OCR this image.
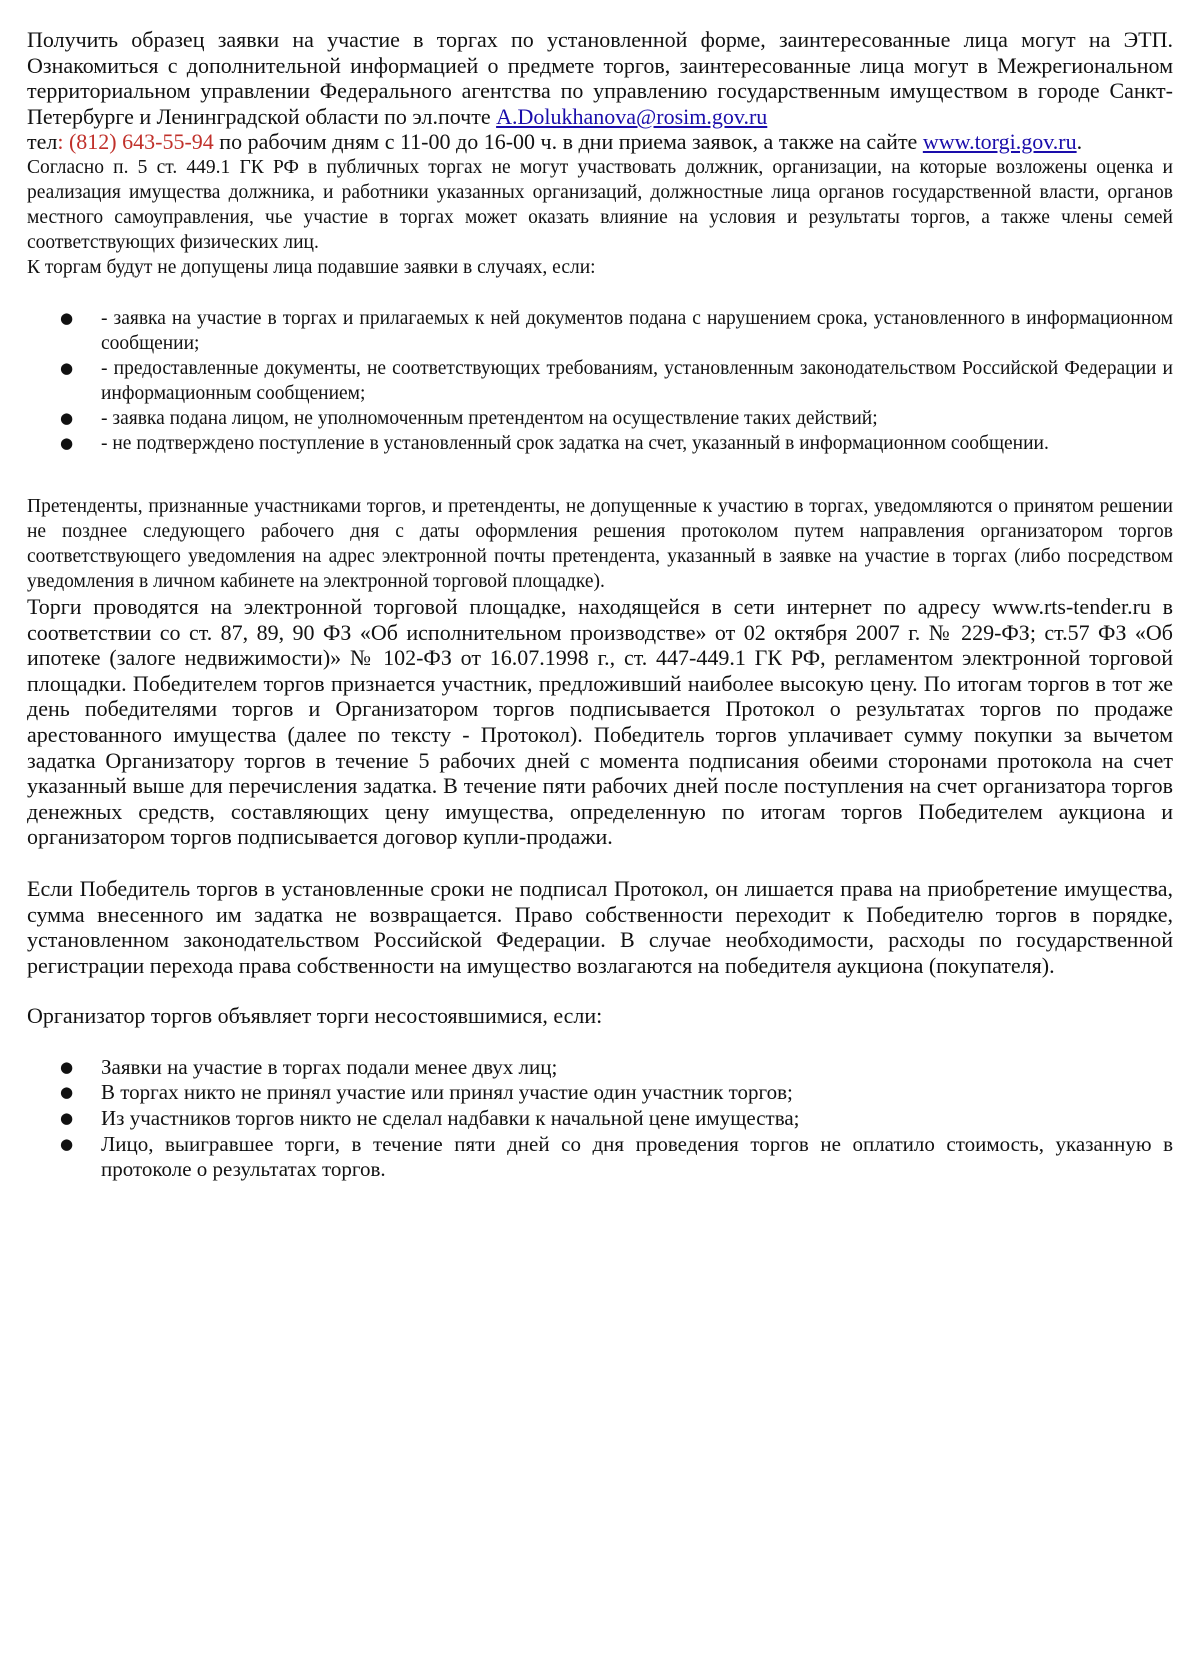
Получить образец заявки на участие в торгах по установленной форме, заинтересованные лица могут на ЭТП. Ознакомиться с дополнительной информацией о предмете торгов, заинтересованные лица могут в Межрегиональном территориальном управлении Федерального агентства по управлению государственным имуществом в городе Санкт-Петербурге и Ленинградской области по эл.почте A.Dolukhanova@rosim.gov.ru
тел: (812) 643-55-94 по рабочим дням с 11-00 до 16-00 ч. в дни приема заявок, а также на сайте www.torgi.gov.ru.

Согласно п. 5 ст. 449.1 ГК РФ в публичных торгах не могут участвовать должник, организации, на которые возложены оценка и реализация имущества должника, и работники указанных организаций, должностные лица органов государственной власти, органов местного самоуправления, чье участие в торгах может оказать влияние на условия и результаты торгов, а также члены семей соответствующих физических лиц.

К торгам будут не допущены лица подавшие заявки в случаях, если:

● - заявка на участие в торгах и прилагаемых к ней документов подана с нарушением срока, установленного в информационном сообщении;
● - предоставленные документы, не соответствующих требованиям, установленным законодательством Российской Федерации и информационным сообщением;
● - заявка подана лицом, не уполномоченным претендентом на осуществление таких действий;
● - не подтверждено поступление в установленный срок задатка на счет, указанный в информационном сообщении.

Претенденты, признанные участниками торгов, и претенденты, не допущенные к участию в торгах, уведомляются о принятом решении не позднее следующего рабочего дня с даты оформления решения протоколом путем направления организатором торгов соответствующего уведомления на адрес электронной почты претендента, указанный в заявке на участие в торгах (либо посредством уведомления в личном кабинете на электронной торговой площадке).

Торги проводятся на электронной торговой площадке, находящейся в сети интернет по адресу www.rts-tender.ru в соответствии со ст. 87, 89, 90 ФЗ «Об исполнительном производстве» от 02 октября 2007 г. № 229-ФЗ; ст.57 ФЗ «Об ипотеке (залоге недвижимости)» № 102-ФЗ от 16.07.1998 г., ст. 447-449.1 ГК РФ, регламентом электронной торговой площадки. Победителем торгов признается участник, предложивший наиболее высокую цену. По итогам торгов в тот же день победителями торгов и Организатором торгов подписывается Протокол о результатах торгов по продаже арестованного имущества (далее по тексту - Протокол). Победитель торгов уплачивает сумму покупки за вычетом задатка Организатору торгов в течение 5 рабочих дней с момента подписания обеими сторонами протокола на счет указанный выше для перечисления задатка. В течение пяти рабочих дней после поступления на счет организатора торгов денежных средств, составляющих цену имущества, определенную по итогам торгов Победителем аукциона и организатором торгов подписывается договор купли-продажи.

Если Победитель торгов в установленные сроки не подписал Протокол, он лишается права на приобретение имущества, сумма внесенного им задатка не возвращается. Право собственности переходит к Победителю торгов в порядке, установленном законодательством Российской Федерации. В случае необходимости, расходы по государственной регистрации перехода права собственности на имущество возлагаются на победителя аукциона (покупателя).

Организатор торгов объявляет торги несостоявшимися, если:

● Заявки на участие в торгах подали менее двух лиц;
● В торгах никто не принял участие или принял участие один участник торгов;
● Из участников торгов никто не сделал надбавки к начальной цене имущества;
● Лицо, выигравшее торги, в течение пяти дней со дня проведения торгов не оплатило стоимость, указанную в протоколе о результатах торгов.
